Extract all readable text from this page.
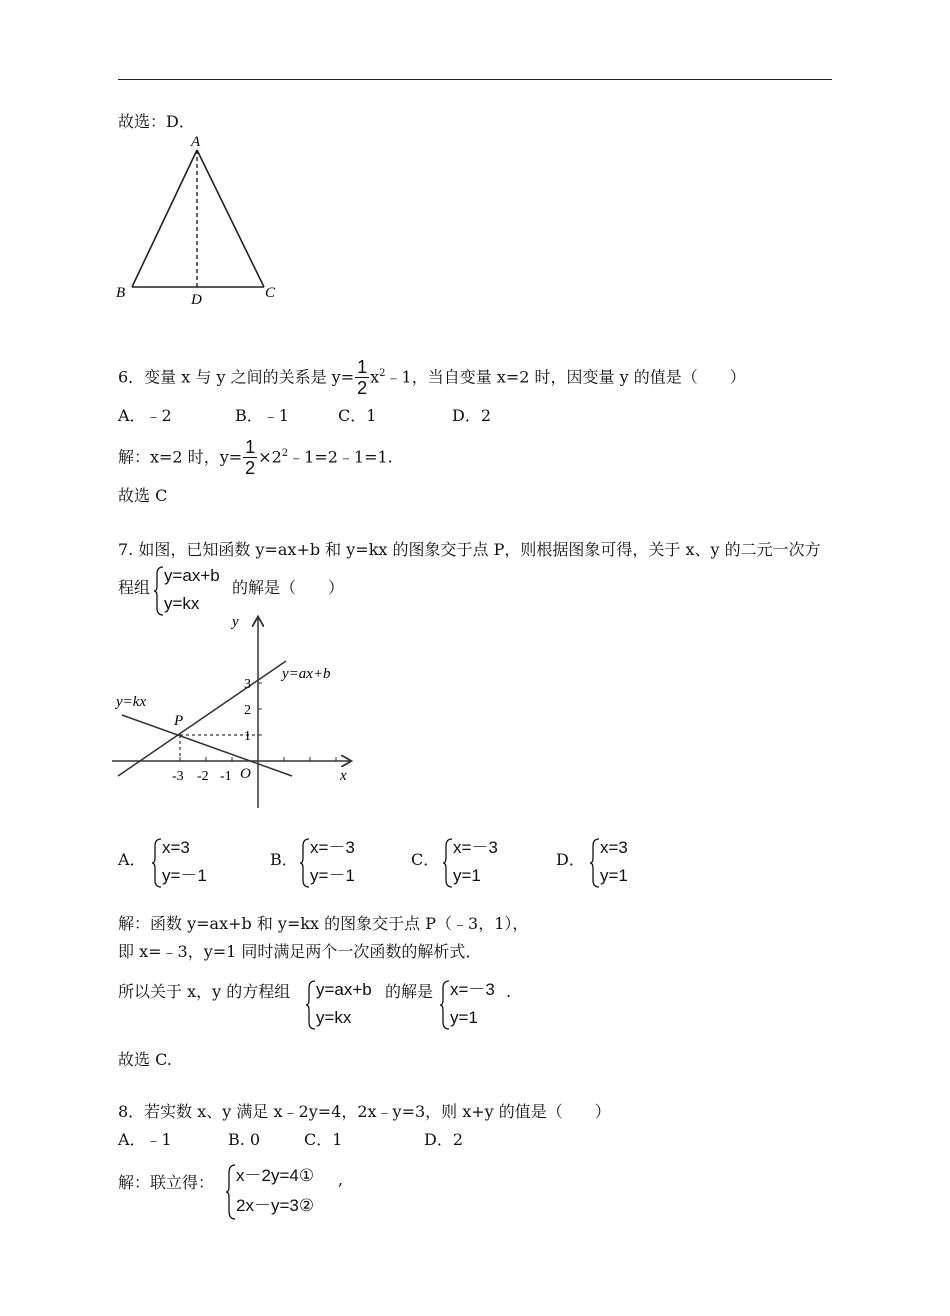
故选：D．
A
B	C
D
6．变量 x 与 y 之间的关系是 $y= \frac{1}{2}$ $x^2﹣1$，当自变量 x=2 时，因变量 y 的值是（　　）
A．﹣2	B．﹣1	C．1	D．2
解：x=2 时，$y= \frac{1}{2}$ $\times 2^2﹣1=2﹣1=1$.
故选 C
7. 如图，已知函数 y=ax+b 和 y=kx 的图象交于点 P，则根据图象可得，关于 x、y 的二元一次方
程组
y=ax+b
y=kx
的解是（　　）
y
x
O
P
y=ax+b
y=kx
-3 -2 -1
3
2
1
A．
x=3
y=－1
B．
x=－3
y=－1
C．
x=－3
y=1
D．
x=3
y=1
解：函数 y=ax+b 和 y=kx 的图象交于点 P（﹣3，1），
即 x=﹣3，y=1 同时满足两个一次函数的解析式．
所以关于 x，y 的方程组 y=ax+b
y=kx
的解是 x=－3
y=1
.
故选 C.
8．若实数 x、y 满足 x﹣2y=4，2x﹣y=3，则 x+y 的值是（　　）
A．﹣1	B. 0	C．1	D．2
解：联立得： x－2y=4①
2x－y=3②
,
